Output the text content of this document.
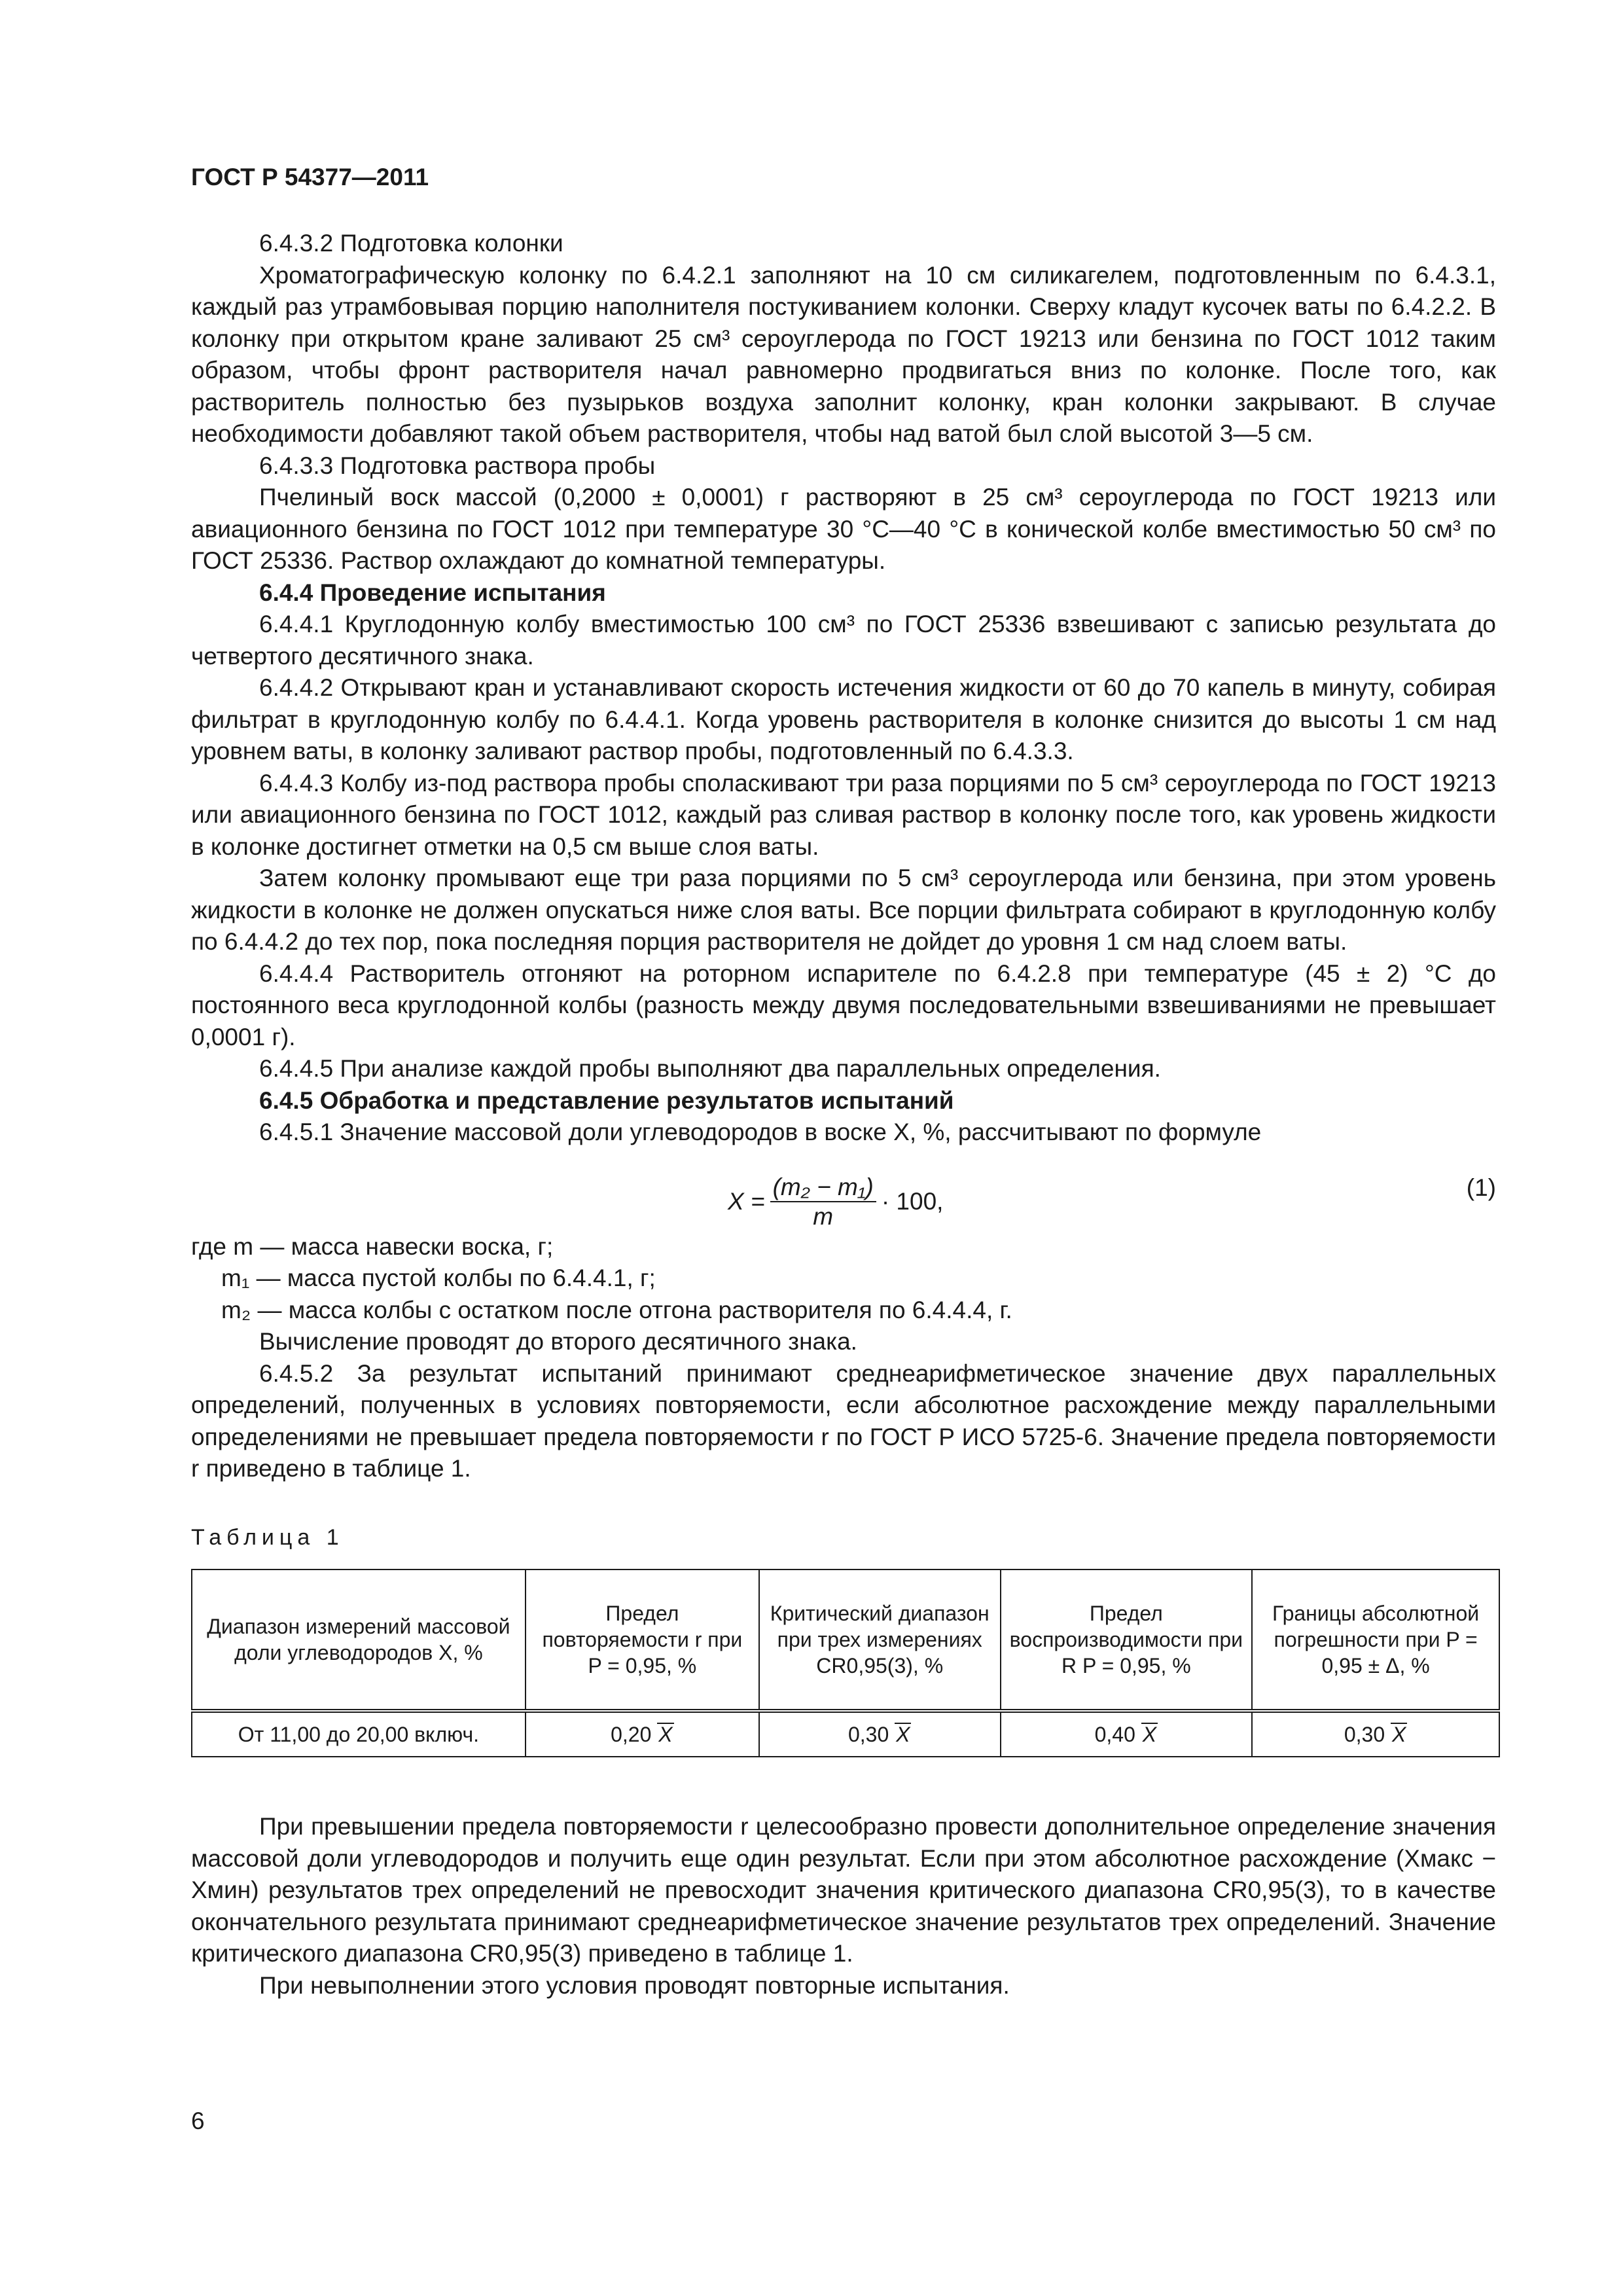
ГОСТ Р 54377—2011

6.4.3.2 Подготовка колонки

Хроматографическую колонку по 6.4.2.1 заполняют на 10 см силикагелем, подготовленным по 6.4.3.1, каждый раз утрамбовывая порцию наполнителя постукиванием колонки. Сверху кладут кусочек ваты по 6.4.2.2. В колонку при открытом кране заливают 25 см³ сероуглерода по ГОСТ 19213 или бензина по ГОСТ 1012 таким образом, чтобы фронт растворителя начал равномерно продвигаться вниз по колонке. После того, как растворитель полностью без пузырьков воздуха заполнит колонку, кран колонки закрывают. В случае необходимости добавляют такой объем растворителя, чтобы над ватой был слой высотой 3—5 см.

6.4.3.3 Подготовка раствора пробы

Пчелиный воск массой (0,2000 ± 0,0001) г растворяют в 25 см³ сероуглерода по ГОСТ 19213 или авиационного бензина по ГОСТ 1012 при температуре 30 °С—40 °С в конической колбе вместимостью 50 см³ по ГОСТ 25336. Раствор охлаждают до комнатной температуры.

6.4.4 Проведение испытания

6.4.4.1 Круглодонную колбу вместимостью 100 см³ по ГОСТ 25336 взвешивают с записью результата до четвертого десятичного знака.

6.4.4.2 Открывают кран и устанавливают скорость истечения жидкости от 60 до 70 капель в минуту, собирая фильтрат в круглодонную колбу по 6.4.4.1. Когда уровень растворителя в колонке снизится до высоты 1 см над уровнем ваты, в колонку заливают раствор пробы, подготовленный по 6.4.3.3.

6.4.4.3 Колбу из-под раствора пробы споласкивают три раза порциями по 5 см³ сероуглерода по ГОСТ 19213 или авиационного бензина по ГОСТ 1012, каждый раз сливая раствор в колонку после того, как уровень жидкости в колонке достигнет отметки на 0,5 см выше слоя ваты.

Затем колонку промывают еще три раза порциями по 5 см³ сероуглерода или бензина, при этом уровень жидкости в колонке не должен опускаться ниже слоя ваты. Все порции фильтрата собирают в круглодонную колбу по 6.4.4.2 до тех пор, пока последняя порция растворителя не дойдет до уровня 1 см над слоем ваты.

6.4.4.4 Растворитель отгоняют на роторном испарителе по 6.4.2.8 при температуре (45 ± 2) °С до постоянного веса круглодонной колбы (разность между двумя последовательными взвешиваниями не превышает 0,0001 г).

6.4.4.5 При анализе каждой пробы выполняют два параллельных определения.

6.4.5 Обработка и представление результатов испытаний

6.4.5.1 Значение массовой доли углеводородов в воске X, %, рассчитывают по формуле

$X = \frac{\text{(m₂ − m₁)}}{m} \cdot 100$,
(1)

где m — масса навески воска, г;

m₁ — масса пустой колбы по 6.4.4.1, г;

m₂ — масса колбы с остатком после отгона растворителя по 6.4.4.4, г.

Вычисление проводят до второго десятичного знака.

6.4.5.2 За результат испытаний принимают среднеарифметическое значение двух параллельных определений, полученных в условиях повторяемости, если абсолютное расхождение между параллельными определениями не превышает предела повторяемости r по ГОСТ Р ИСО 5725-6. Значение предела повторяемости r приведено в таблице 1.

Таблица 1

Диапазон измерений массовой доли углеводородов X, %	Предел повторяемости r при P = 0,95, %	Критический диапазон при трех измерениях CR0,95(3), %	Предел воспроизводимости при R P = 0,95, %	Границы абсолютной погрешности при P = 0,95 ± Δ, %
От 11,00 до 20,00 включ.	0,20 X	0,30 X	0,40 X	0,30 X

При превышении предела повторяемости r целесообразно провести дополнительное определение значения массовой доли углеводородов и получить еще один результат. Если при этом абсолютное расхождение (Xмакс − Xмин) результатов трех определений не превосходит значения критического диапазона CR0,95(3), то в качестве окончательного результата принимают среднеарифметическое значение результатов трех определений. Значение критического диапазона CR0,95(3) приведено в таблице 1.

При невыполнении этого условия проводят повторные испытания.

6
